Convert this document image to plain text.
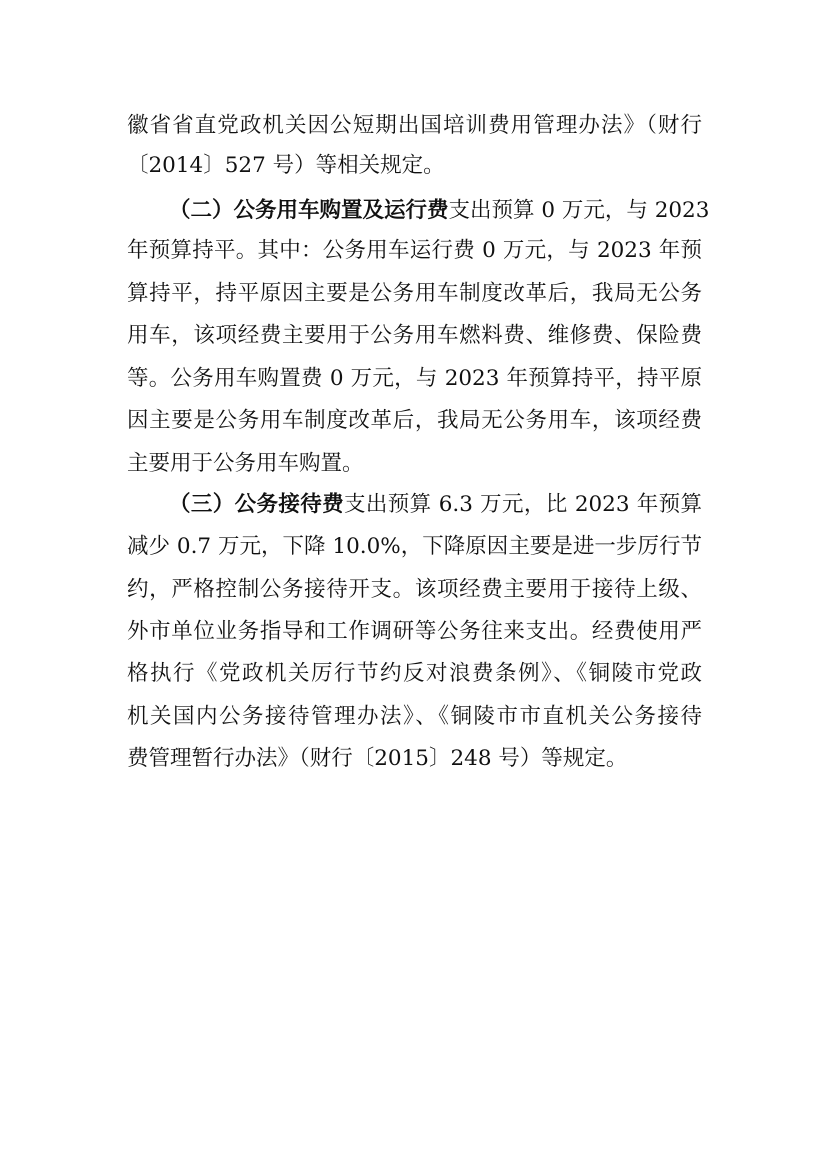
徽省省直党政机关因公短期出国培训费用管理办法》（财行
〔2014〕527 号）等相关规定。
（二）公务用车购置及运行费支出预算 0 万元，与 2023
年预算持平。其中：公务用车运行费 0 万元，与 2023 年预
算持平，持平原因主要是公务用车制度改革后，我局无公务
用车，该项经费主要用于公务用车燃料费、维修费、保险费
等。公务用车购置费 0 万元，与 2023 年预算持平，持平原
因主要是公务用车制度改革后，我局无公务用车，该项经费
主要用于公务用车购置。
（三）公务接待费支出预算 6.3 万元，比 2023 年预算
减少 0.7 万元，下降 10.0%，下降原因主要是进一步厉行节
约，严格控制公务接待开支。该项经费主要用于接待上级、
外市单位业务指导和工作调研等公务往来支出。经费使用严
格执行《党政机关厉行节约反对浪费条例》、《铜陵市党政
机关国内公务接待管理办法》、《铜陵市市直机关公务接待
费管理暂行办法》（财行〔2015〕248 号）等规定。
